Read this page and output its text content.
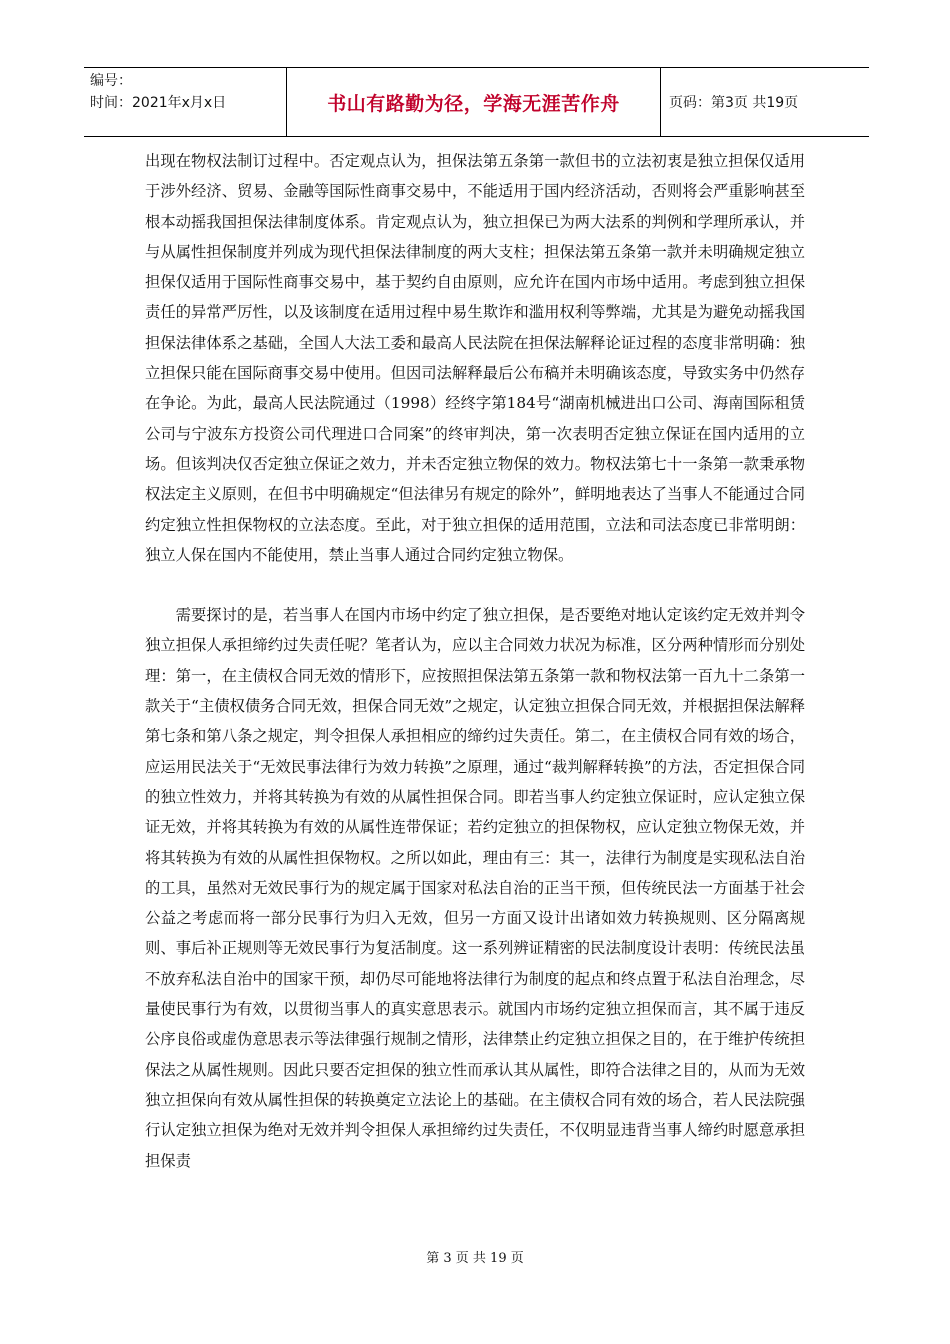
编号：
时间：2021年x月x日	书山有路勤为径，学海无涯苦作舟	页码：第3页 共19页

出现在物权法制订过程中。否定观点认为，担保法第五条第一款但书的立法初衷是独立担保仅适用于涉外经济、贸易、金融等国际性商事交易中，不能适用于国内经济活动，否则将会严重影响甚至根本动摇我国担保法律制度体系。肯定观点认为，独立担保已为两大法系的判例和学理所承认，并与从属性担保制度并列成为现代担保法律制度的两大支柱；担保法第五条第一款并未明确规定独立担保仅适用于国际性商事交易中，基于契约自由原则，应允许在国内市场中适用。考虑到独立担保责任的异常严厉性，以及该制度在适用过程中易生欺诈和滥用权利等弊端，尤其是为避免动摇我国担保法律体系之基础，全国人大法工委和最高人民法院在担保法解释论证过程的态度非常明确：独立担保只能在国际商事交易中使用。但因司法解释最后公布稿并未明确该态度，导致实务中仍然存在争论。为此，最高人民法院通过（1998）经终字第184号“湖南机械进出口公司、海南国际租赁公司与宁波东方投资公司代理进口合同案”的终审判决，第一次表明否定独立保证在国内适用的立场。但该判决仅否定独立保证之效力，并未否定独立物保的效力。物权法第七十一条第一款秉承物权法定主义原则，在但书中明确规定“但法律另有规定的除外”，鲜明地表达了当事人不能通过合同约定独立性担保物权的立法态度。至此，对于独立担保的适用范围，立法和司法态度已非常明朗：独立人保在国内不能使用，禁止当事人通过合同约定独立物保。

需要探讨的是，若当事人在国内市场中约定了独立担保，是否要绝对地认定该约定无效并判令独立担保人承担缔约过失责任呢？笔者认为，应以主合同效力状况为标准，区分两种情形而分别处理：第一，在主债权合同无效的情形下，应按照担保法第五条第一款和物权法第一百九十二条第一款关于“主债权债务合同无效，担保合同无效”之规定，认定独立担保合同无效，并根据担保法解释第七条和第八条之规定，判令担保人承担相应的缔约过失责任。第二，在主债权合同有效的场合，应运用民法关于“无效民事法律行为效力转换”之原理，通过“裁判解释转换”的方法，否定担保合同的独立性效力，并将其转换为有效的从属性担保合同。即若当事人约定独立保证时，应认定独立保证无效，并将其转换为有效的从属性连带保证；若约定独立的担保物权，应认定独立物保无效，并将其转换为有效的从属性担保物权。之所以如此，理由有三：其一，法律行为制度是实现私法自治的工具，虽然对无效民事行为的规定属于国家对私法自治的正当干预，但传统民法一方面基于社会公益之考虑而将一部分民事行为归入无效，但另一方面又设计出诸如效力转换规则、区分隔离规则、事后补正规则等无效民事行为复活制度。这一系列辨证精密的民法制度设计表明：传统民法虽不放弃私法自治中的国家干预，却仍尽可能地将法律行为制度的起点和终点置于私法自治理念，尽量使民事行为有效，以贯彻当事人的真实意思表示。就国内市场约定独立担保而言，其不属于违反公序良俗或虚伪意思表示等法律强行规制之情形，法律禁止约定独立担保之目的，在于维护传统担保法之从属性规则。因此只要否定担保的独立性而承认其从属性，即符合法律之目的，从而为无效独立担保向有效从属性担保的转换奠定立法论上的基础。在主债权合同有效的场合，若人民法院强行认定独立担保为绝对无效并判令担保人承担缔约过失责任，不仅明显违背当事人缔约时愿意承担担保责

第 3 页 共 19 页
